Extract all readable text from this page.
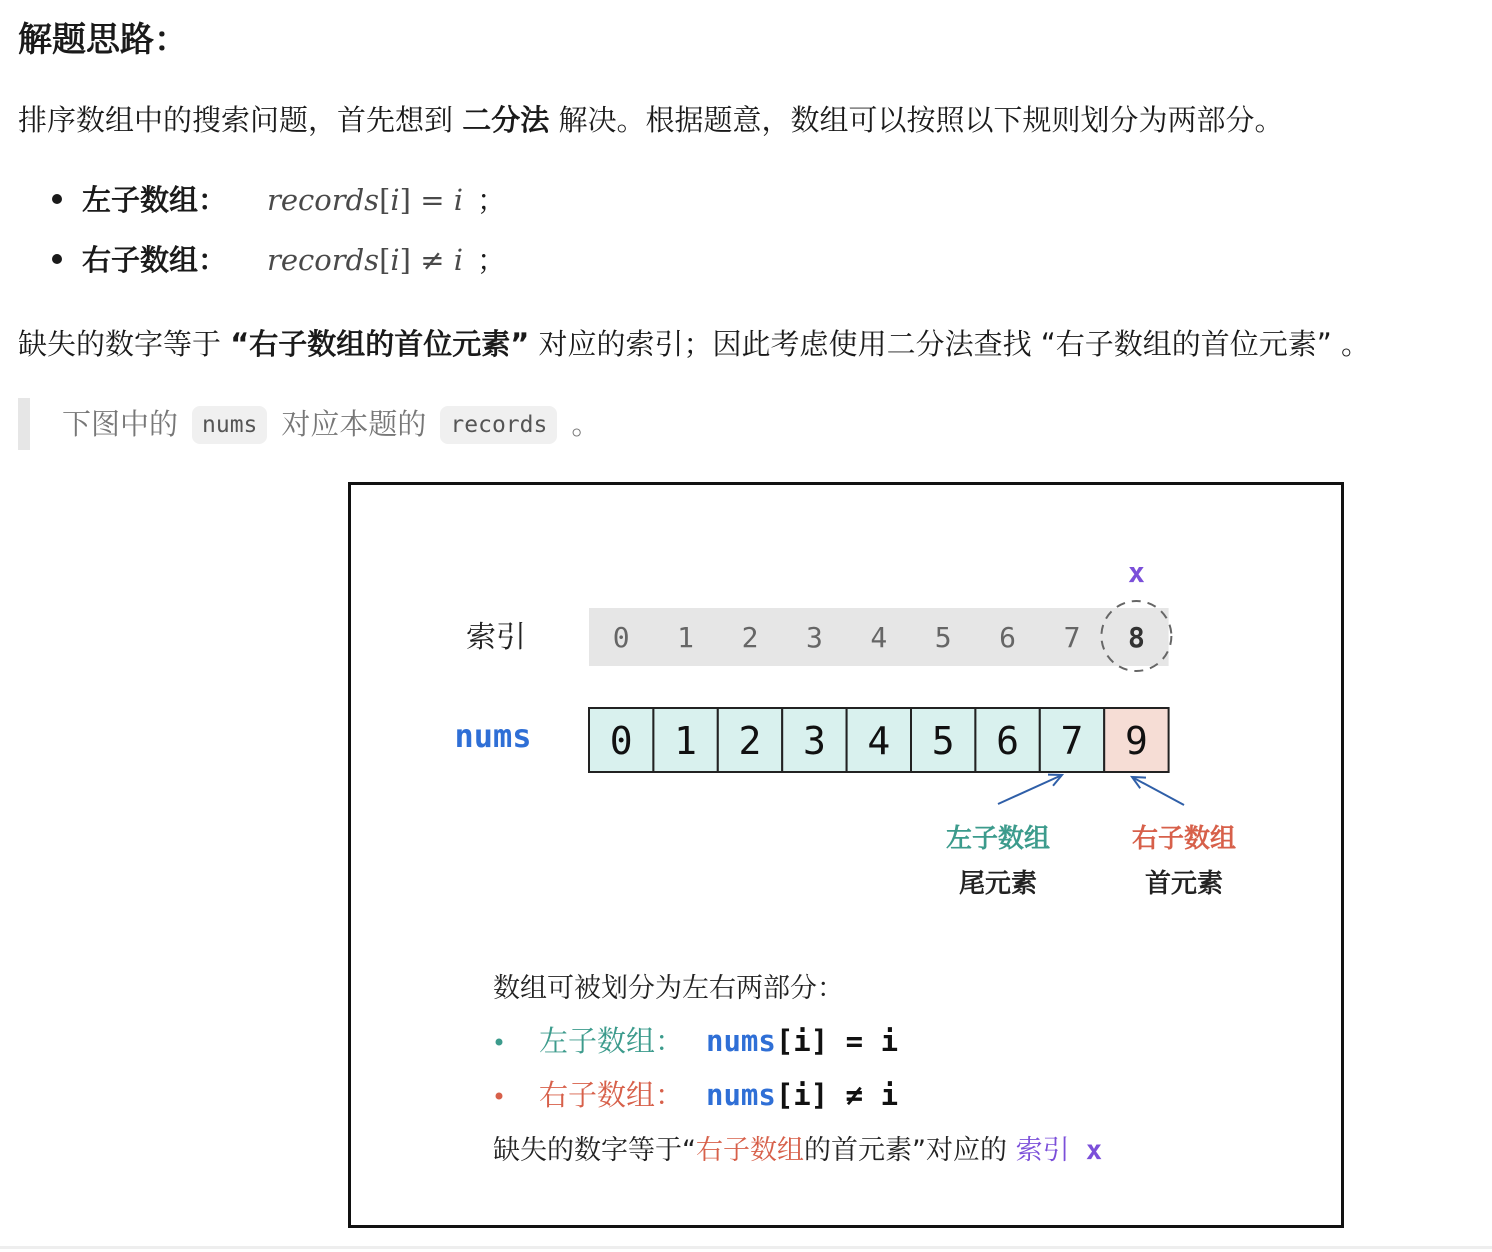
解题思路：

排序数组中的搜索问题，首先想到 二分法 解决。根据题意，数组可以按照以下规则划分为两部分。

左子数组： records[i] = i ；
右子数组： records[i] ≠ i ；

缺失的数字等于 “右子数组的首位元素” 对应的索引；因此考虑使用二分法查找 “右子数组的首位元素” 。

下图中的 nums 对应本题的 records 。
索引	0 1 2 3 4 5 6 7 8
x
nums 0 1 2 3 4 5 6 7 9
左子数组
尾元素
右子数组
首元素
数组可被划分为左右两部分：
左子数组： nums[i] = i
右子数组： nums[i] ≠ i
缺失的数字等于“右子数组的首元素”对应的 索引 x
